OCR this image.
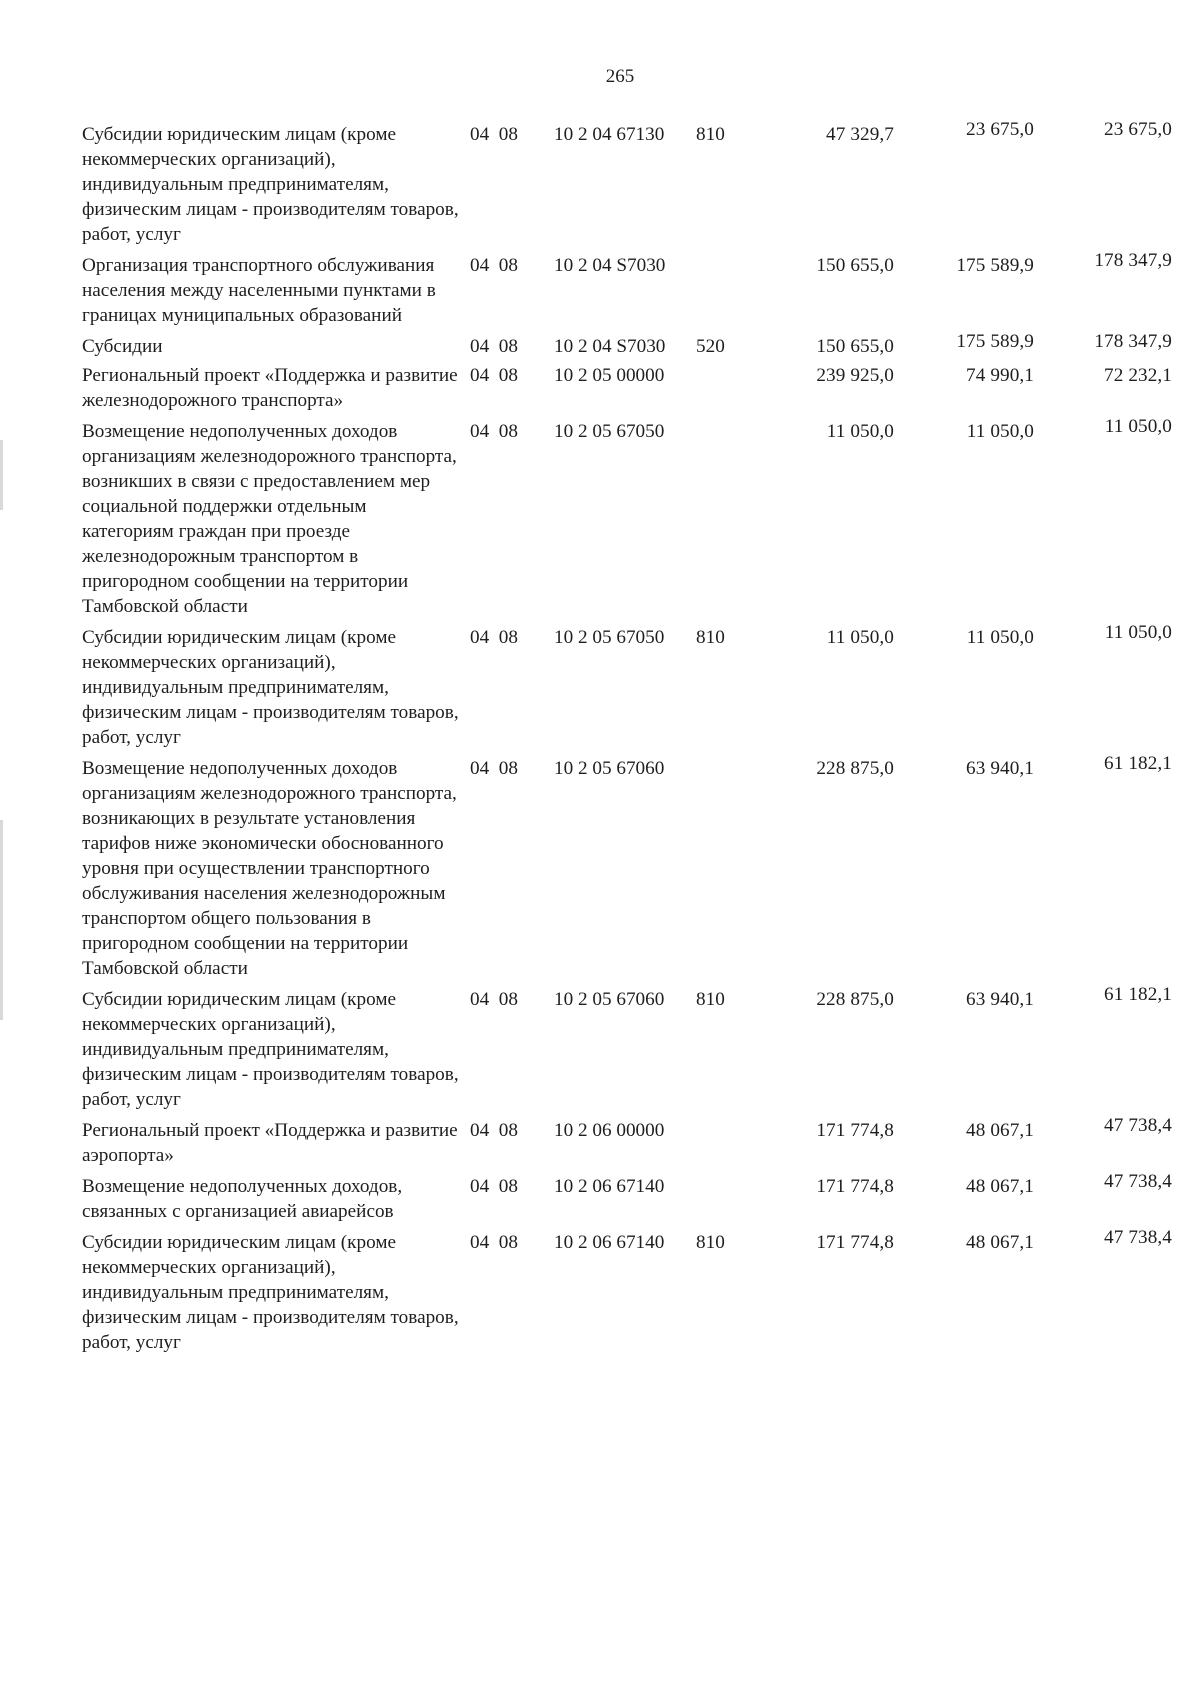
265
Субсидии юридическим лицам (кроме некоммерческих организаций), индивидуальным предпринимателям, физическим лицам - производителям товаров, работ, услуг
04  08	10 2 04 67130	810	47 329,7	23 675,0	23 675,0
Организация транспортного обслуживания населения между населенными пунктами в границах муниципальных образований
04  08	10 2 04 S7030	150 655,0	175 589,9	178 347,9
Субсидии	04  08	10 2 04 S7030	520	150 655,0	175 589,9	178 347,9
Региональный проект «Поддержка и развитие железнодорожного транспорта»
04  08	10 2 05 00000	239 925,0	74 990,1	72 232,1
Возмещение недополученных доходов организациям железнодорожного транспорта, возникших в связи с предоставлением мер социальной поддержки отдельным категориям граждан при проезде железнодорожным транспортом в пригородном сообщении на территории Тамбовской области
04  08	10 2 05 67050	11 050,0	11 050,0	11 050,0
Субсидии юридическим лицам (кроме некоммерческих организаций), индивидуальным предпринимателям, физическим лицам - производителям товаров, работ, услуг
04  08	10 2 05 67050	810	11 050,0	11 050,0	11 050,0
Возмещение недополученных доходов организациям железнодорожного транспорта, возникающих в результате установления тарифов ниже экономически обоснованного уровня при осуществлении транспортного обслуживания населения железнодорожным транспортом общего пользования в пригородном сообщении на территории Тамбовской области
04  08	10 2 05 67060	228 875,0	63 940,1	61 182,1
Субсидии юридическим лицам (кроме некоммерческих организаций), индивидуальным предпринимателям, физическим лицам - производителям товаров, работ, услуг
04  08	10 2 05 67060	810	228 875,0	63 940,1	61 182,1
Региональный проект «Поддержка и развитие аэропорта»
04  08	10 2 06 00000	171 774,8	48 067,1	47 738,4
Возмещение недополученных доходов, связанных с организацией авиарейсов
04  08	10 2 06 67140	171 774,8	48 067,1	47 738,4
Субсидии юридическим лицам (кроме некоммерческих организаций), индивидуальным предпринимателям, физическим лицам - производителям товаров, работ, услуг
04  08	10 2 06 67140	810	171 774,8	48 067,1	47 738,4
